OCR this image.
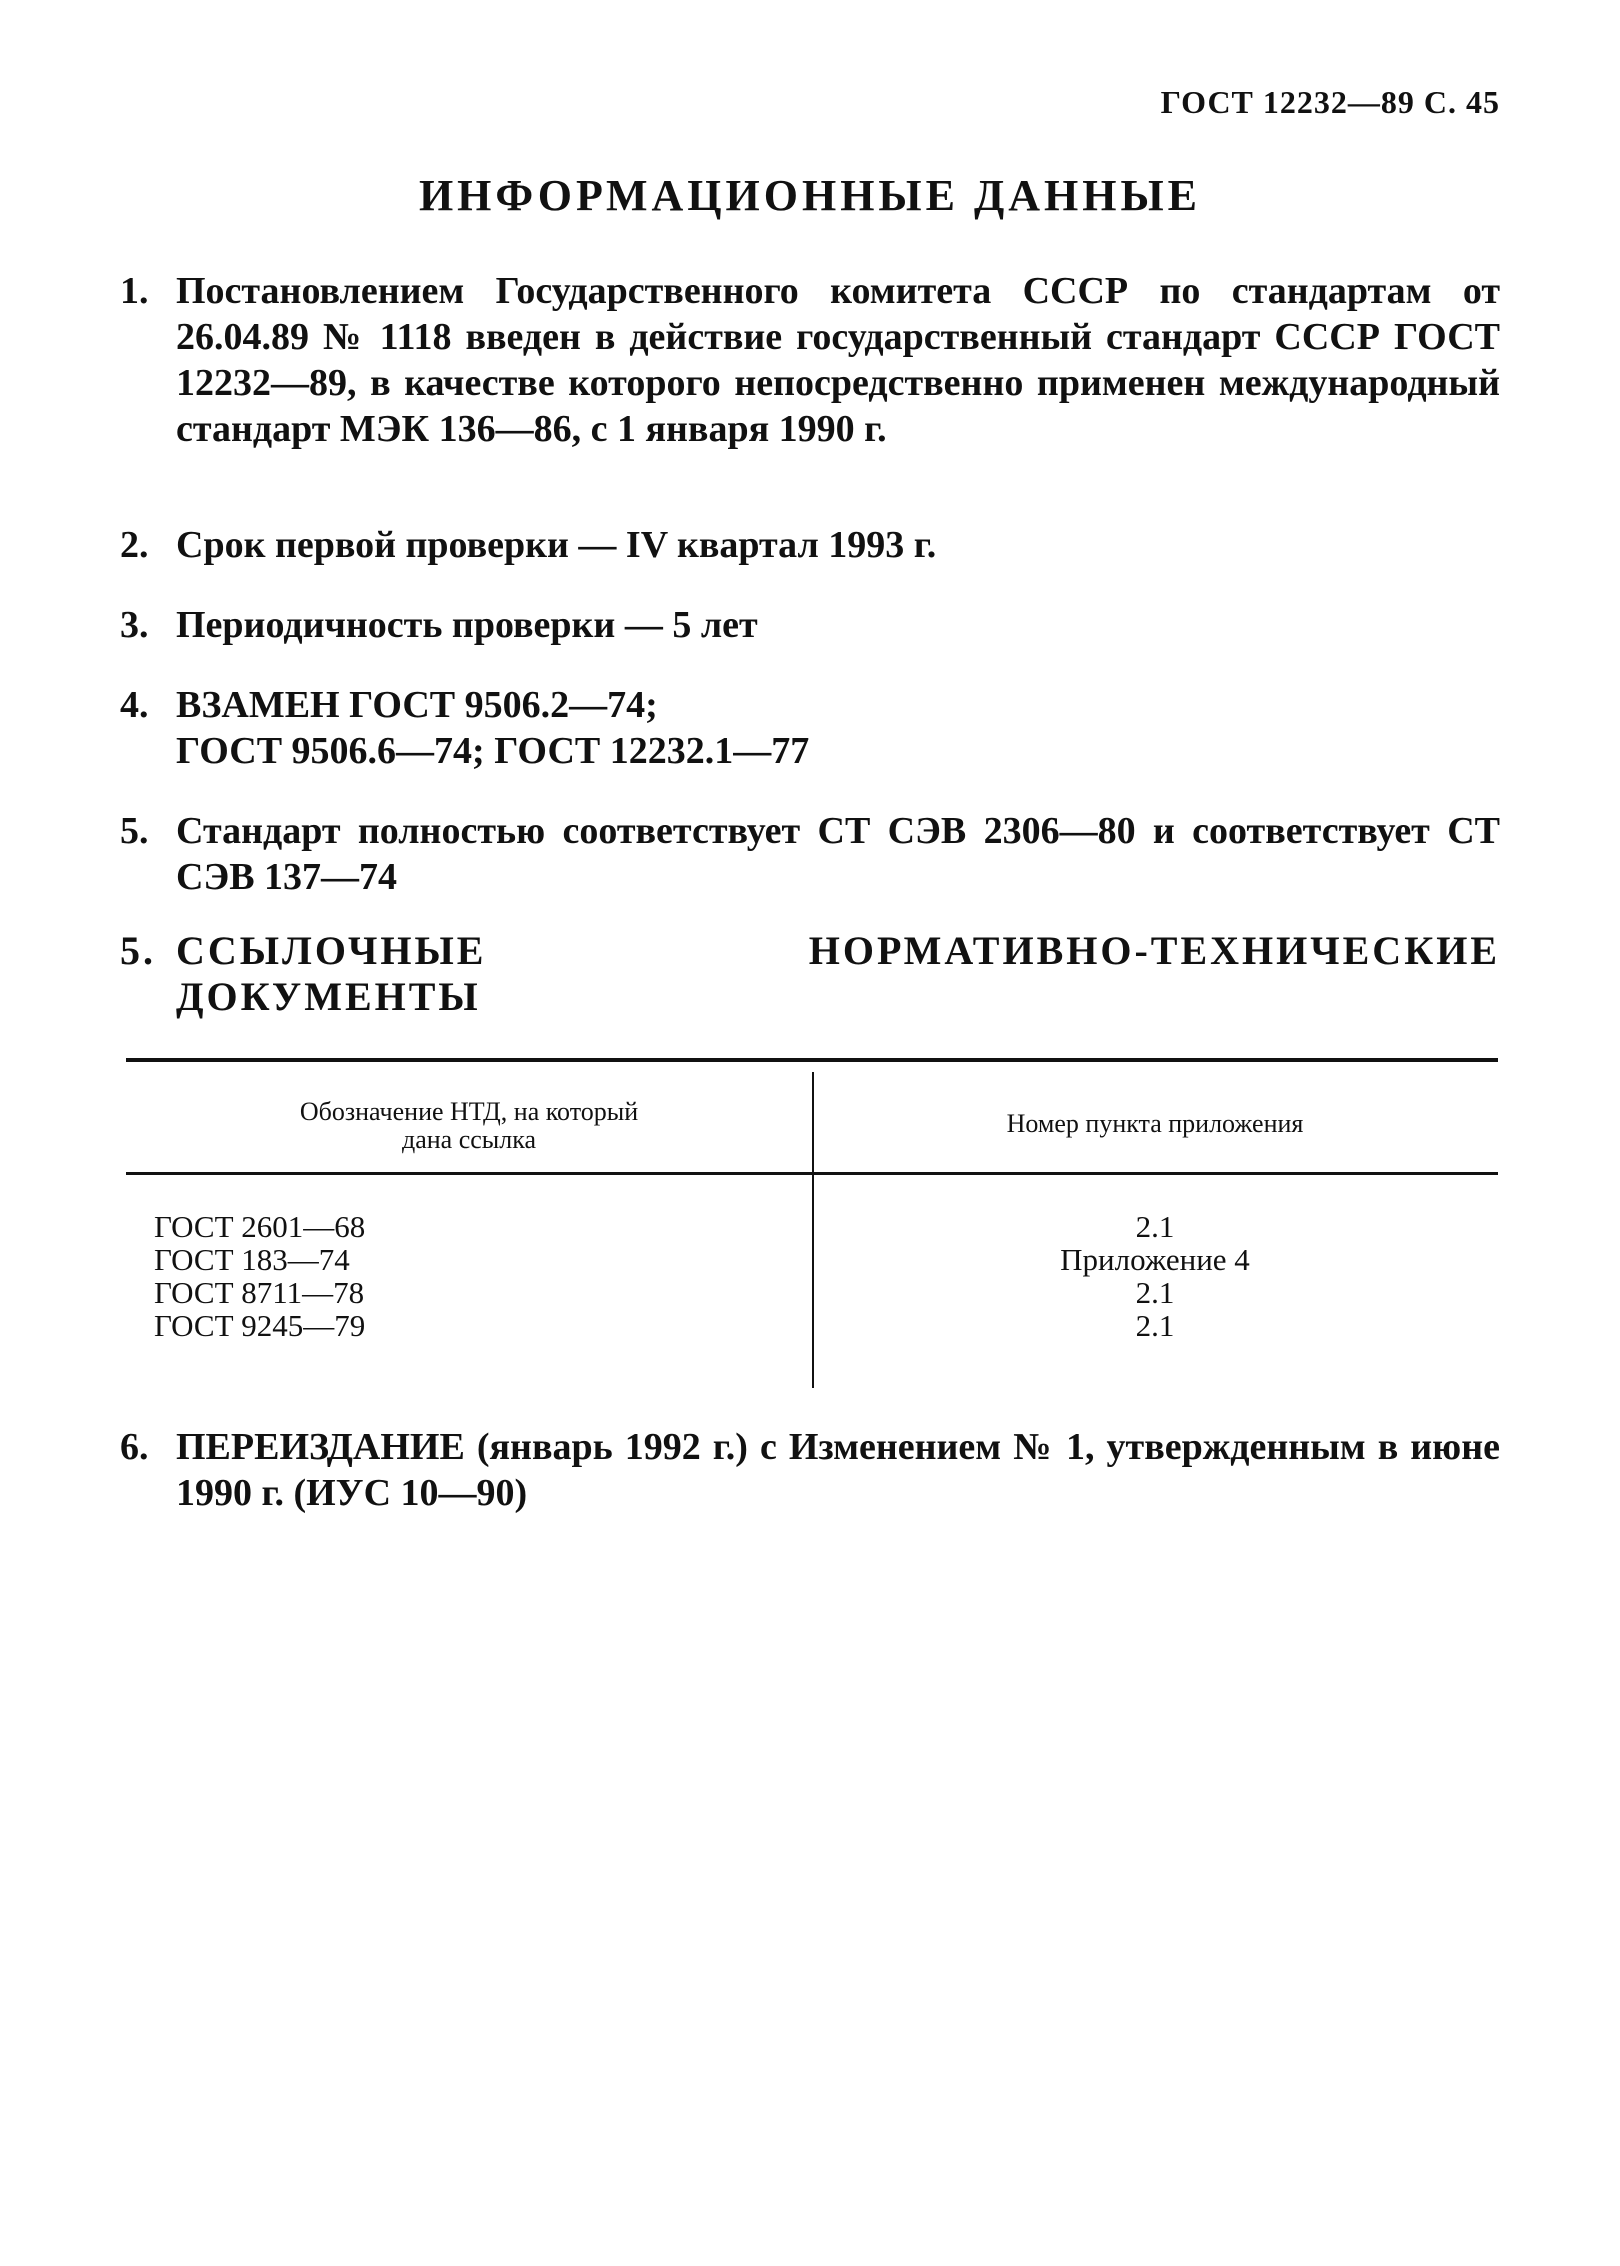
ГОСТ 12232—89 С. 45
ИНФОРМАЦИОННЫЕ ДАННЫЕ
1. Постановлением Государственного комитета СССР по стандартам от 26.04.89 № 1118 введен в действие государственный стандарт СССР ГОСТ 12232—89, в качестве которого непосредственно применен международный стандарт МЭК 136—86, с 1 января 1990 г.
2. Срок первой проверки — IV квартал 1993 г.
3. Периодичность проверки — 5 лет
4. ВЗАМЕН ГОСТ 9506.2—74;
ГОСТ 9506.6—74; ГОСТ 12232.1—77
5. Стандарт полностью соответствует СТ СЭВ 2306—80 и соответствует СТ СЭВ 137—74
5. ССЫЛОЧНЫЕ НОРМАТИВНО-ТЕХНИЧЕСКИЕ ДОКУМЕНТЫ
Обозначение НТД, на который
дана ссылка
Номер пункта приложения
ГОСТ 2601—68
ГОСТ 183—74
ГОСТ 8711—78
ГОСТ 9245—79
2.1
Приложение 4
2.1
2.1
6. ПЕРЕИЗДАНИЕ (январь 1992 г.) с Изменением № 1, утвержденным в июне 1990 г. (ИУС 10—90)
